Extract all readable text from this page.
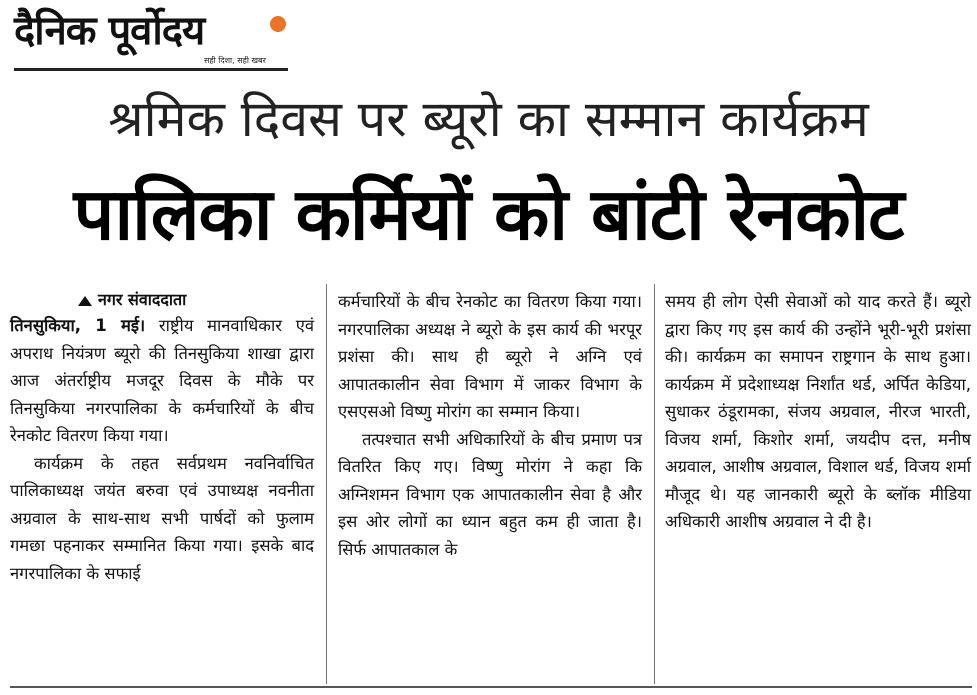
दैनिक पूर्वोदय
सही दिशा, सही खबर
श्रमिक दिवस पर ब्यूरो का सम्मान कार्यक्रम
पालिका कर्मियों को बांटी रेनकोट
नगर संवाददाता

तिनसुकिया, 1 मई। राष्ट्रीय मानवाधिकार एवं अपराध नियंत्रण ब्यूरो की तिनसुकिया शाखा द्वारा आज अंतर्राष्ट्रीय मजदूर दिवस के मौके पर तिनसुकिया नगरपालिका के कर्मचारियों के बीच रेनकोट वितरण किया गया।

कार्यक्रम के तहत सर्वप्रथम नवनिर्वाचित पालिकाध्यक्ष जयंत बरुवा एवं उपाध्यक्ष नवनीता अग्रवाल के साथ-साथ सभी पार्षदों को फुलाम गमछा पहनाकर सम्मानित किया गया। इसके बाद नगरपालिका के सफाई

कर्मचारियों के बीच रेनकोट का वितरण किया गया। नगरपालिका अध्यक्ष ने ब्यूरो के इस कार्य की भरपूर प्रशंसा की। साथ ही ब्यूरो ने अग्नि एवं आपातकालीन सेवा विभाग में जाकर विभाग के एसएसओ विष्णु मोरांग का सम्मान किया।

तत्पश्चात सभी अधिकारियों के बीच प्रमाण पत्र वितरित किए गए। विष्णु मोरांग ने कहा कि अग्निशमन विभाग एक आपातकालीन सेवा है और इस ओर लोगों का ध्यान बहुत कम ही जाता है। सिर्फ आपातकाल के

समय ही लोग ऐसी सेवाओं को याद करते हैं। ब्यूरो द्वारा किए गए इस कार्य की उन्होंने भूरी-भूरी प्रशंसा की। कार्यक्रम का समापन राष्ट्रगान के साथ हुआ। कार्यक्रम में प्रदेशाध्यक्ष निर्शांत थर्ड, अर्पित केडिया, सुधाकर ठंडूरामका, संजय अग्रवाल, नीरज भारती, विजय शर्मा, किशोर शर्मा, जयदीप दत्त, मनीष अग्रवाल, आशीष अग्रवाल, विशाल थर्ड, विजय शर्मा मौजूद थे। यह जानकारी ब्यूरो के ब्लॉक मीडिया अधिकारी आशीष अग्रवाल ने दी है।
